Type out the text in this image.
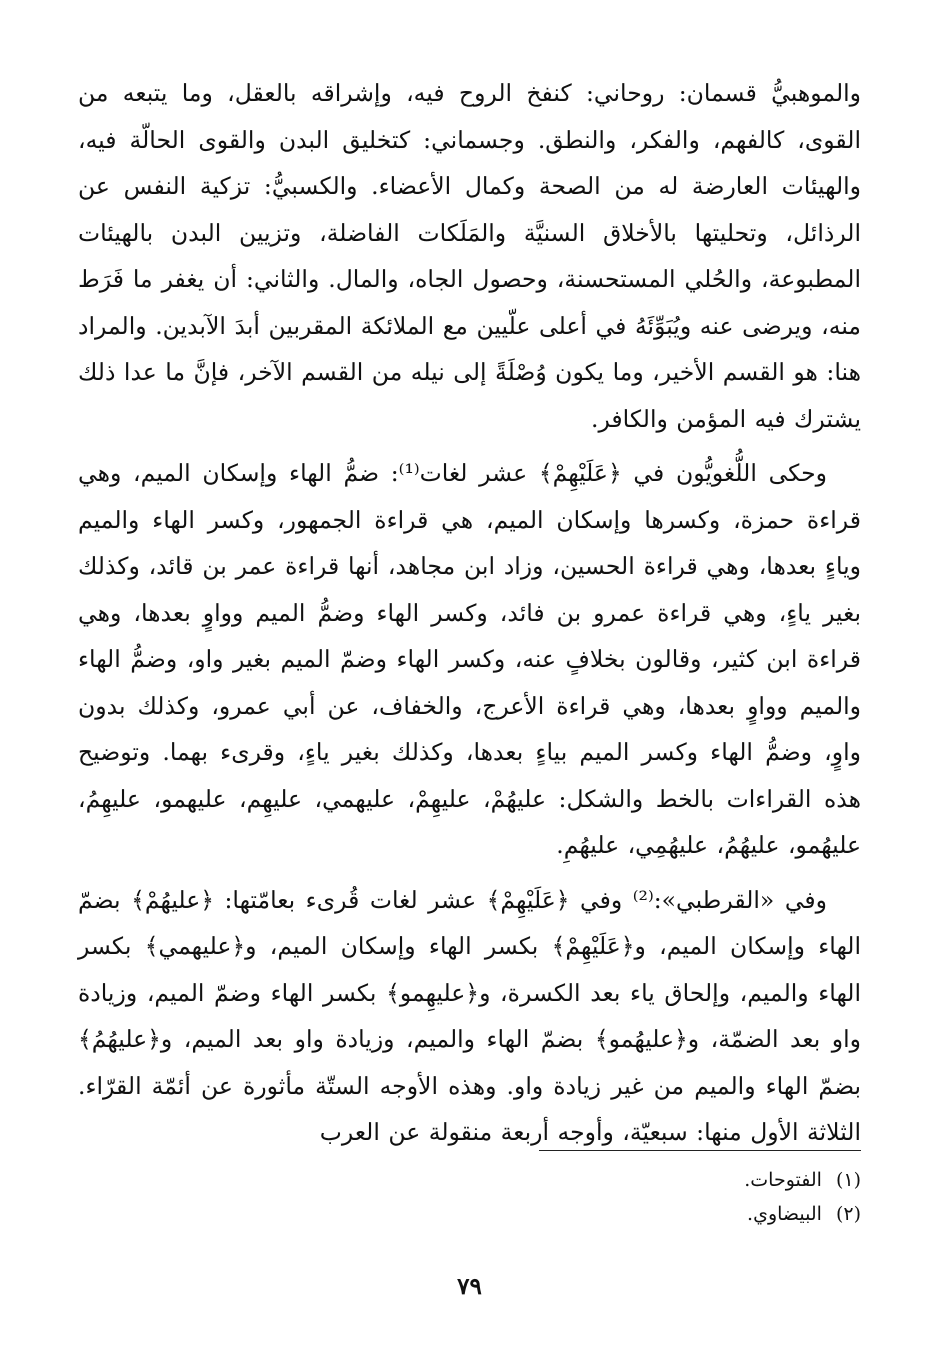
والموهبيُّ قسمان: روحاني: كنفخ الروح فيه، وإشراقه بالعقل، وما يتبعه من القوى، كالفهم، والفكر، والنطق. وجسماني: كتخليق البدن والقوى الحالّة فيه، والهيئات العارضة له من الصحة وكمال الأعضاء. والكسبيُّ: تزكية النفس عن الرذائل، وتحليتها بالأخلاق السنيَّة والمَلَكات الفاضلة، وتزيين البدن بالهيئات المطبوعة، والحُلي المستحسنة، وحصول الجاه، والمال. والثاني: أن يغفر ما فَرَط منه، ويرضى عنه ويُبَوِّئَهُ في أعلى علّيين مع الملائكة المقربين أبدَ الآبدين. والمراد هنا: هو القسم الأخير، وما يكون وُصْلَةً إلى نيله من القسم الآخر، فإنَّ ما عدا ذلك يشترك فيه المؤمن والكافر.

وحكى اللُّغويُّون في ﴿عَلَيْهِمْ﴾ عشر لغات⁽¹⁾: ضمُّ الهاء وإسكان الميم، وهي قراءة حمزة، وكسرها وإسكان الميم، هي قراءة الجمهور، وكسر الهاء والميم وياءٍ بعدها، وهي قراءة الحسين، وزاد ابن مجاهد، أنها قراءة عمر بن قائد، وكذلك بغير ياءٍ، وهي قراءة عمرو بن فائد، وكسر الهاء وضمُّ الميم وواوٍ بعدها، وهي قراءة ابن كثير، وقالون بخلافٍ عنه، وكسر الهاء وضمّ الميم بغير واو، وضمُّ الهاء والميم وواوٍ بعدها، وهي قراءة الأعرج، والخفاف، عن أبي عمرو، وكذلك بدون واوٍ، وضمُّ الهاء وكسر الميم بياءٍ بعدها، وكذلك بغير ياءٍ، وقرىء بهما. وتوضيح هذه القراءات بالخط والشكل: عليهُمْ، عليهِمْ، عليهمي، عليهِم، عليهمو، عليهِمُ، عليهُمو، عليهُمُ، عليهُمِي، عليهُمِ.

وفي «القرطبي»:⁽²⁾ وفي ﴿عَلَيْهِمْ﴾ عشر لغات قُرىء بعامّتها: ﴿عليهُمْ﴾ بضمّ الهاء وإسكان الميم، و﴿عَلَيْهِمْ﴾ بكسر الهاء وإسكان الميم، و﴿عليهمي﴾ بكسر الهاء والميم، وإلحاق ياء بعد الكسرة، و﴿عليهِمو﴾ بكسر الهاء وضمّ الميم، وزيادة واو بعد الضمّة، و﴿عليهُمو﴾ بضمّ الهاء والميم، وزيادة واو بعد الميم، و﴿عليهُمُ﴾ بضمّ الهاء والميم من غير زيادة واو. وهذه الأوجه الستّة مأثورة عن أئمّة القرّاء. الثلاثة الأول منها: سبعيّة، وأوجه أربعة منقولة عن العرب

(١)
الفتوحات.
(٢)
البيضاوي.
٧٩
